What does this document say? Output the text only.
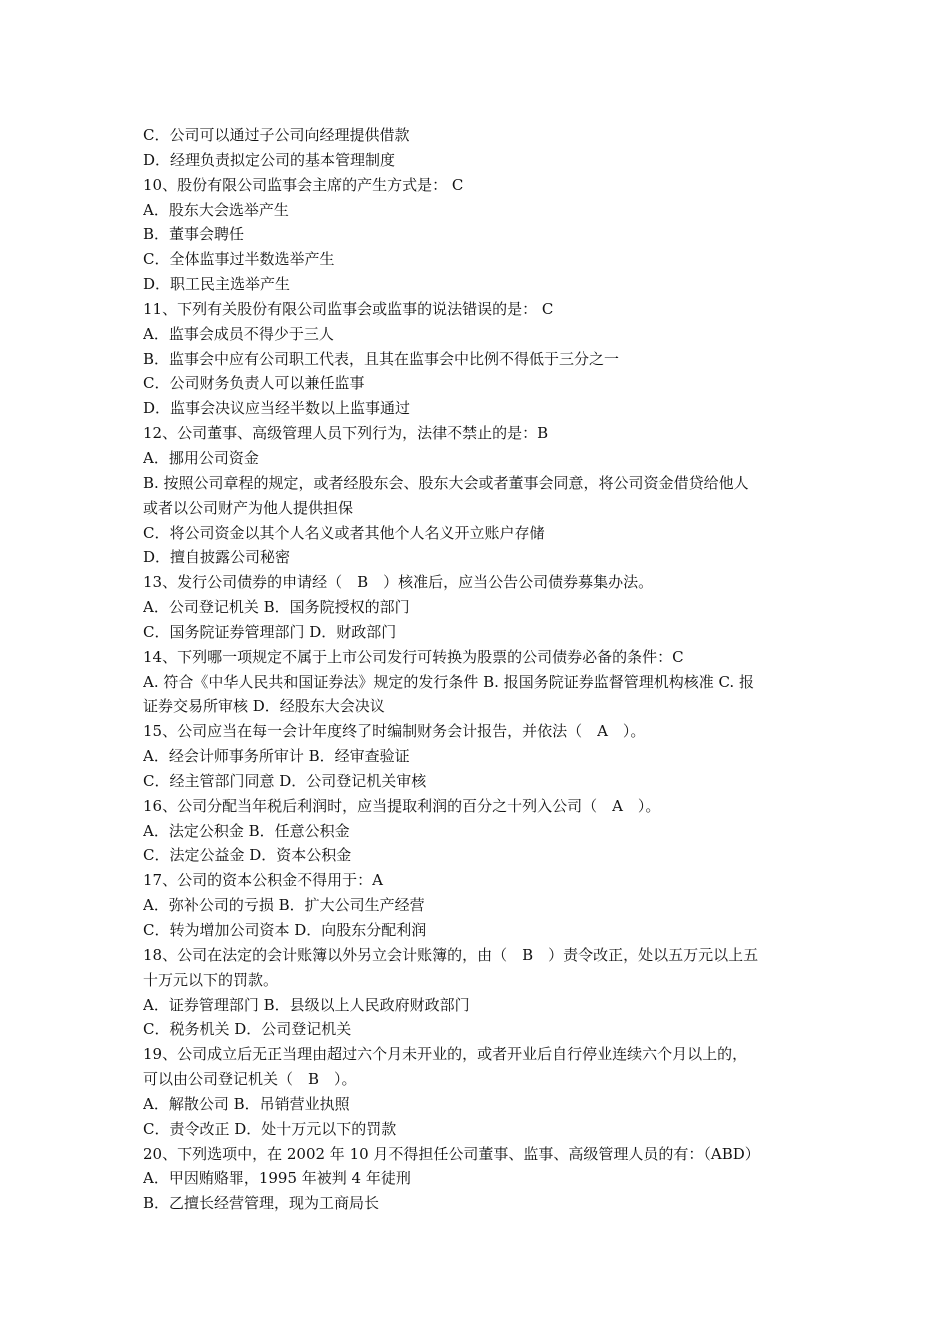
C．公司可以通过子公司向经理提供借款
D．经理负责拟定公司的基本管理制度
10、股份有限公司监事会主席的产生方式是： C
A．股东大会选举产生
B．董事会聘任
C．全体监事过半数选举产生
D．职工民主选举产生
11、下列有关股份有限公司监事会或监事的说法错误的是： C
A．监事会成员不得少于三人
B．监事会中应有公司职工代表，且其在监事会中比例不得低于三分之一
C．公司财务负责人可以兼任监事
D．监事会决议应当经半数以上监事通过
12、公司董事、高级管理人员下列行为，法律不禁止的是：B
A．挪用公司资金
B. 按照公司章程的规定，或者经股东会、股东大会或者董事会同意，将公司资金借贷给他人
或者以公司财产为他人提供担保
C．将公司资金以其个人名义或者其他个人名义开立账户存储
D．擅自披露公司秘密
13、发行公司债券的申请经（　B　）核准后，应当公告公司债券募集办法。
A．公司登记机关 B．国务院授权的部门
C．国务院证券管理部门 D．财政部门
14、下列哪一项规定不属于上市公司发行可转换为股票的公司债券必备的条件：C
A. 符合《中华人民共和国证券法》规定的发行条件 B. 报国务院证券监督管理机构核准 C. 报
证券交易所审核 D．经股东大会决议
15、公司应当在每一会计年度终了时编制财务会计报告，并依法（　A　）。
A．经会计师事务所审计 B．经审查验证
C．经主管部门同意 D．公司登记机关审核
16、公司分配当年税后利润时，应当提取利润的百分之十列入公司（　A　）。
A．法定公积金 B．任意公积金
C．法定公益金 D．资本公积金
17、公司的资本公积金不得用于：A
A．弥补公司的亏损 B．扩大公司生产经营
C．转为增加公司资本 D．向股东分配利润
18、公司在法定的会计账簿以外另立会计账簿的，由（　B　）责令改正，处以五万元以上五
十万元以下的罚款。
A．证券管理部门 B．县级以上人民政府财政部门
C．税务机关 D．公司登记机关
19、公司成立后无正当理由超过六个月未开业的，或者开业后自行停业连续六个月以上的，
可以由公司登记机关（　B　）。
A．解散公司 B．吊销营业执照
C．责令改正 D．处十万元以下的罚款
20、下列选项中，在 2002 年 10 月不得担任公司董事、监事、高级管理人员的有：（ABD）
A．甲因贿赂罪，1995 年被判 4 年徒刑
B．乙擅长经营管理，现为工商局长
